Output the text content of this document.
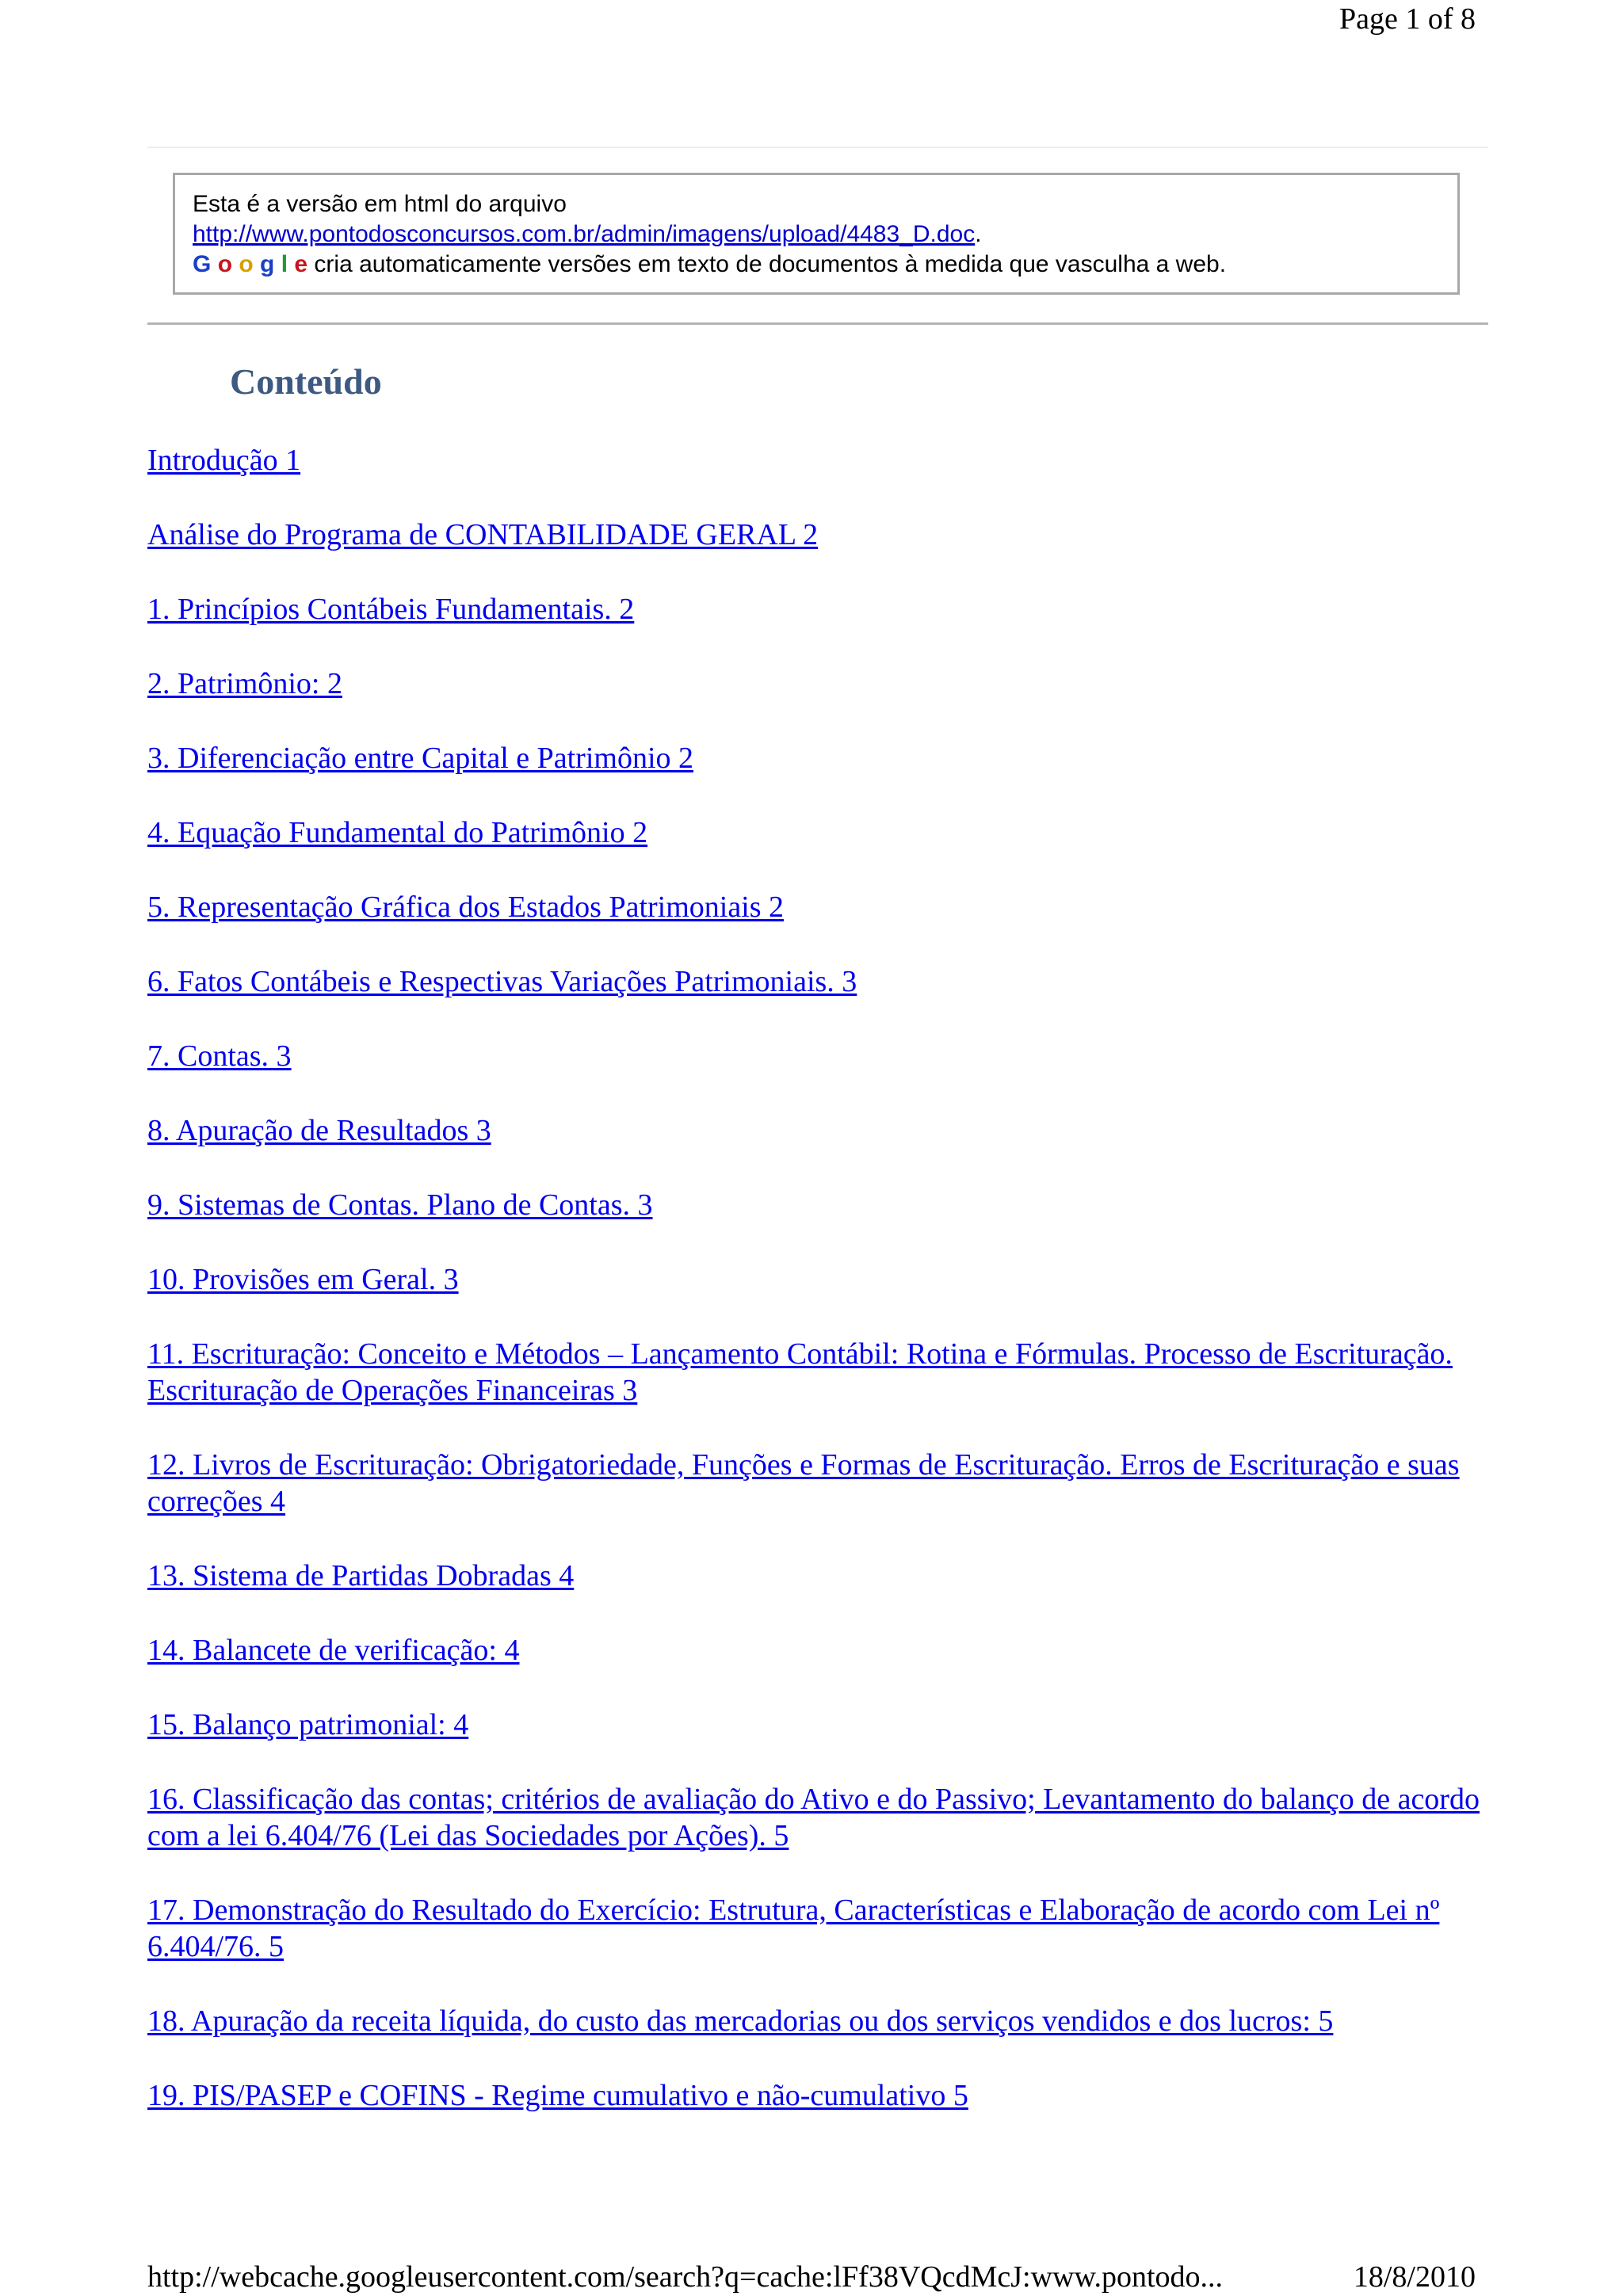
Page 1 of 8
Esta é a versão em html do arquivo
http://www.pontodosconcursos.com.br/admin/imagens/upload/4483_D.doc.
G o o g l e cria automaticamente versões em texto de documentos à medida que vasculha a web.
Conteúdo
Introdução 1
Análise do Programa de CONTABILIDADE GERAL 2
1. Princípios Contábeis Fundamentais. 2
2. Patrimônio: 2
3. Diferenciação entre Capital e Patrimônio 2
4. Equação Fundamental do Patrimônio 2
5. Representação Gráfica dos Estados Patrimoniais 2
6. Fatos Contábeis e Respectivas Variações Patrimoniais. 3
7. Contas. 3
8. Apuração de Resultados 3
9. Sistemas de Contas. Plano de Contas. 3
10. Provisões em Geral. 3
11. Escrituração: Conceito e Métodos – Lançamento Contábil: Rotina e Fórmulas. Processo de Escrituração. Escrituração de Operações Financeiras 3
12. Livros de Escrituração: Obrigatoriedade, Funções e Formas de Escrituração. Erros de Escrituração e suas correções 4
13. Sistema de Partidas Dobradas 4
14. Balancete de verificação: 4
15. Balanço patrimonial: 4
16. Classificação das contas; critérios de avaliação do Ativo e do Passivo; Levantamento do balanço de acordo com a lei 6.404/76 (Lei das Sociedades por Ações). 5
17. Demonstração do Resultado do Exercício: Estrutura, Características e Elaboração de acordo com Lei nº 6.404/76. 5
18. Apuração da receita líquida, do custo das mercadorias ou dos serviços vendidos e dos lucros: 5
19. PIS/PASEP e COFINS - Regime cumulativo e não-cumulativo 5
http://webcache.googleusercontent.com/search?q=cache:lFf38VQcdMcJ:www.pontodo...	18/8/2010
